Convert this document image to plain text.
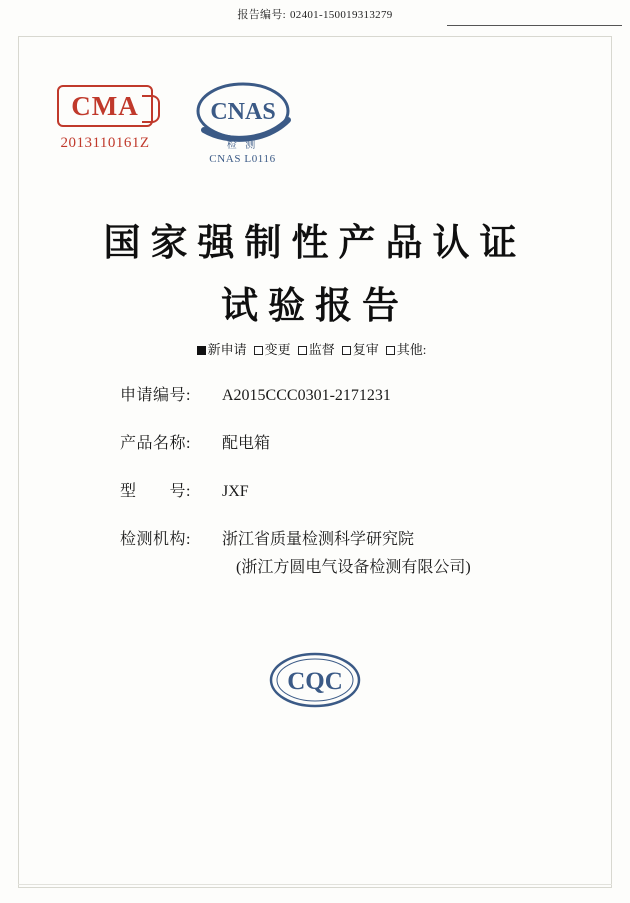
报告编号: 02401-150019313279
CMA
2013110161Z
CNAS
检 测
CNAS L0116
国家强制性产品认证
试验报告
新申请 变更 监督 复审 其他:
申请编号:	A2015CCC0301-2171231
产品名称:	配电箱
型　　号:	JXF
检测机构:	浙江省质量检测科学研究院
(浙江方圆电气设备检测有限公司)
CQC
